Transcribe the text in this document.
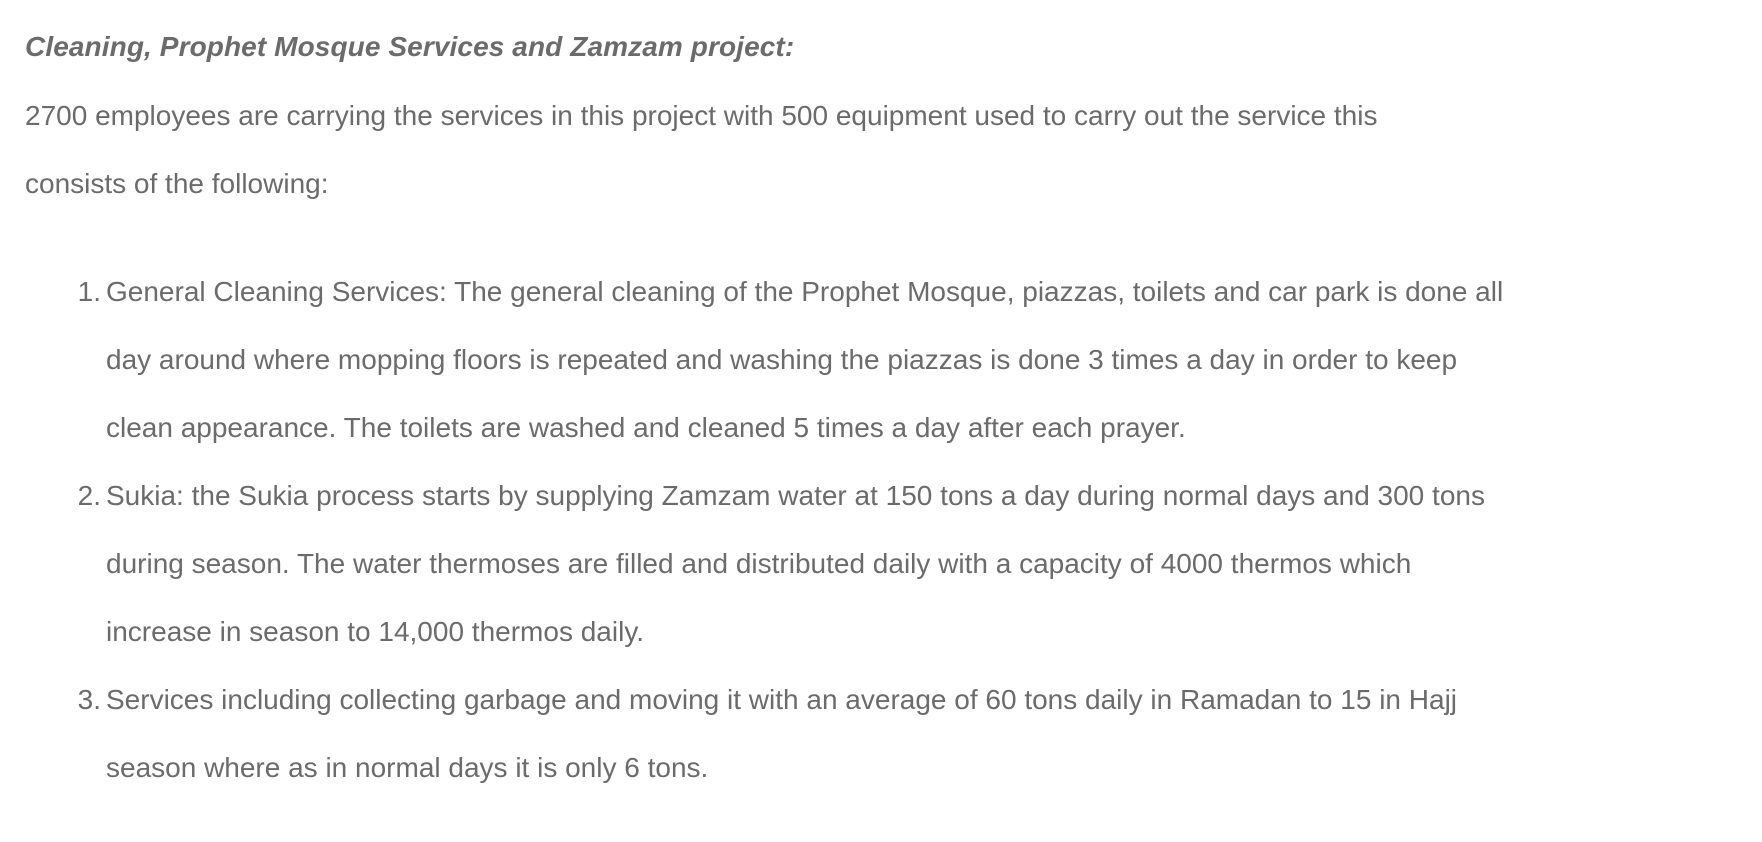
Cleaning, Prophet Mosque Services and Zamzam project:

2700 employees are carrying the services in this project with 500 equipment used to carry out the service this
consists of the following:

1. General Cleaning Services: The general cleaning of the Prophet Mosque, piazzas, toilets and car park is done all
day around where mopping floors is repeated and washing the piazzas is done 3 times a day in order to keep
clean appearance. The toilets are washed and cleaned 5 times a day after each prayer.
2. Sukia: the Sukia process starts by supplying Zamzam water at 150 tons a day during normal days and 300 tons
during season. The water thermoses are filled and distributed daily with a capacity of 4000 thermos which
increase in season to 14,000 thermos daily.
3. Services including collecting garbage and moving it with an average of 60 tons daily in Ramadan to 15 in Hajj
season where as in normal days it is only 6 tons.
